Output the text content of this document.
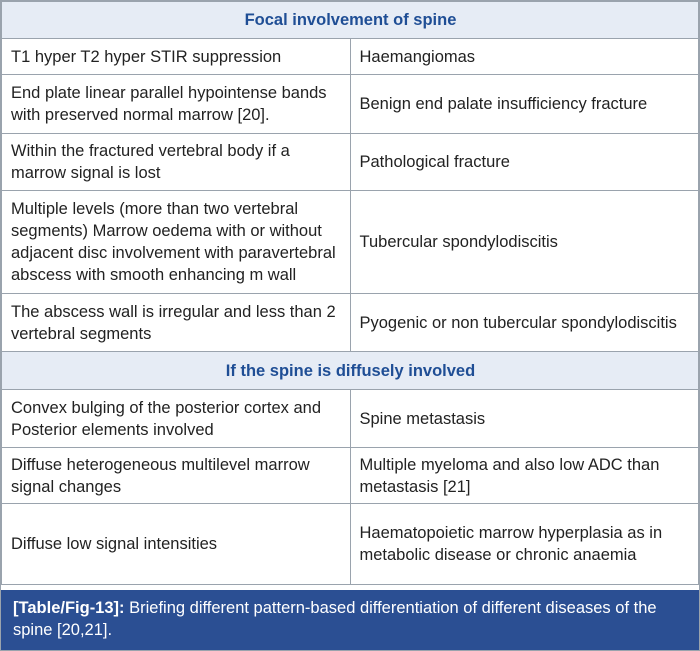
Focal involvement of spine	
T1 hyper T2 hyper STIR suppression	Haemangiomas
End plate linear parallel hypointense bands with preserved normal marrow [20].	Benign end palate insufficiency fracture
Within the fractured vertebral body if a marrow signal is lost	Pathological fracture
Multiple levels (more than two vertebral segments) Marrow oedema with or without adjacent disc involvement with paravertebral abscess with smooth enhancing m wall	Tubercular spondylodiscitis
The abscess wall is irregular and less than 2 vertebral segments	Pyogenic or non tubercular spondylodiscitis
If the spine is diffusely involved	
Convex bulging of the posterior cortex and Posterior elements involved	Spine metastasis
Diffuse heterogeneous multilevel marrow signal changes	Multiple myeloma and also low ADC than metastasis [21]
Diffuse low signal intensities	Haematopoietic marrow hyperplasia as in metabolic disease or chronic anaemia
[Table/Fig-13]: Briefing different pattern-based differentiation of different diseases of the spine [20,21].
